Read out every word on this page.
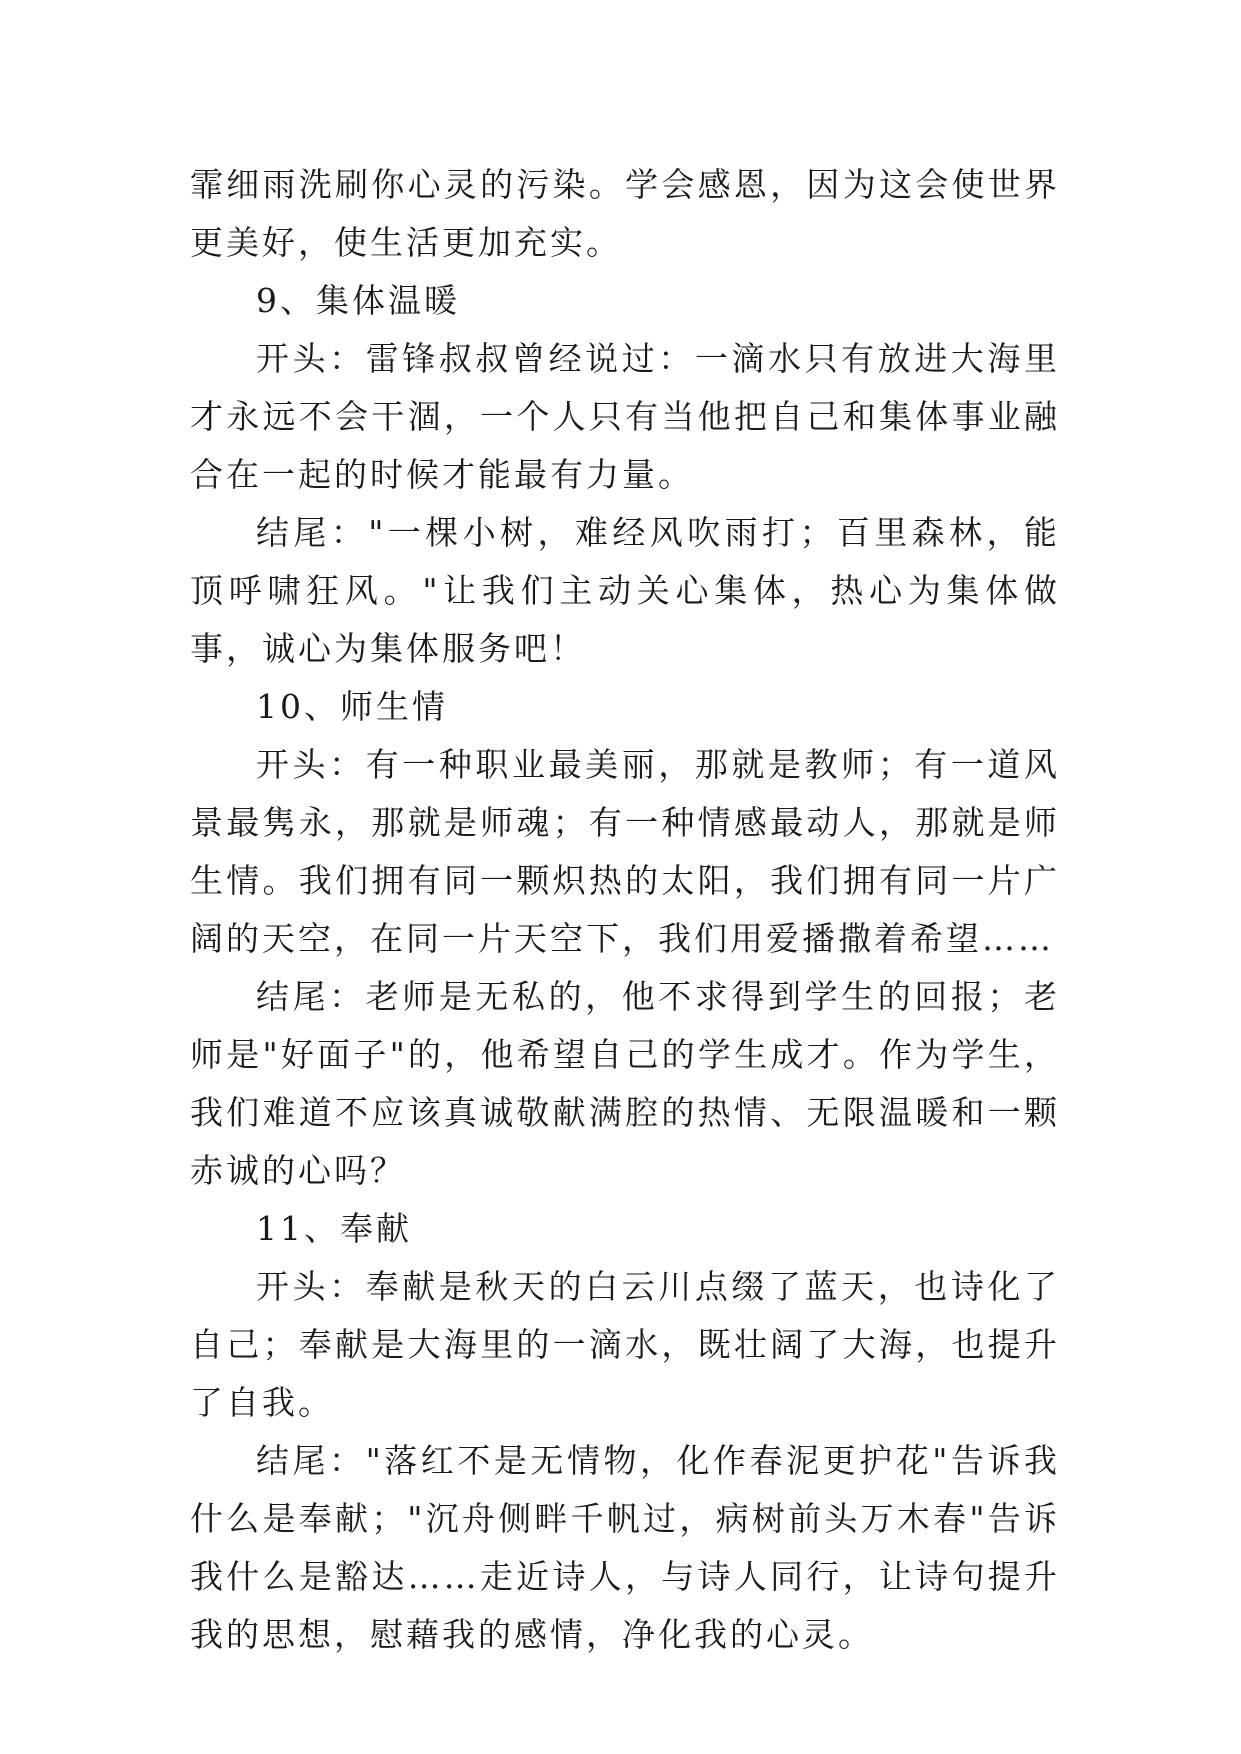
霏细雨洗刷你心灵的污染。学会感恩，因为这会使世界更美好，使生活更加充实。

9、集体温暖

开头：雷锋叔叔曾经说过：一滴水只有放进大海里才永远不会干涸，一个人只有当他把自己和集体事业融合在一起的时候才能最有力量。

结尾："一棵小树，难经风吹雨打；百里森林，能顶呼啸狂风。"让我们主动关心集体，热心为集体做事，诚心为集体服务吧！

10、师生情

开头：有一种职业最美丽，那就是教师；有一道风景最隽永，那就是师魂；有一种情感最动人，那就是师生情。我们拥有同一颗炽热的太阳，我们拥有同一片广阔的天空，在同一片天空下，我们用爱播撒着希望……

结尾：老师是无私的，他不求得到学生的回报；老师是"好面子"的，他希望自己的学生成才。作为学生，我们难道不应该真诚敬献满腔的热情、无限温暖和一颗赤诚的心吗？

11、奉献

开头：奉献是秋天的白云川点缀了蓝天，也诗化了自己；奉献是大海里的一滴水，既壮阔了大海，也提升了自我。

结尾："落红不是无情物，化作春泥更护花"告诉我什么是奉献；"沉舟侧畔千帆过，病树前头万木春"告诉我什么是豁达……走近诗人，与诗人同行，让诗句提升我的思想，慰藉我的感情，净化我的心灵。
